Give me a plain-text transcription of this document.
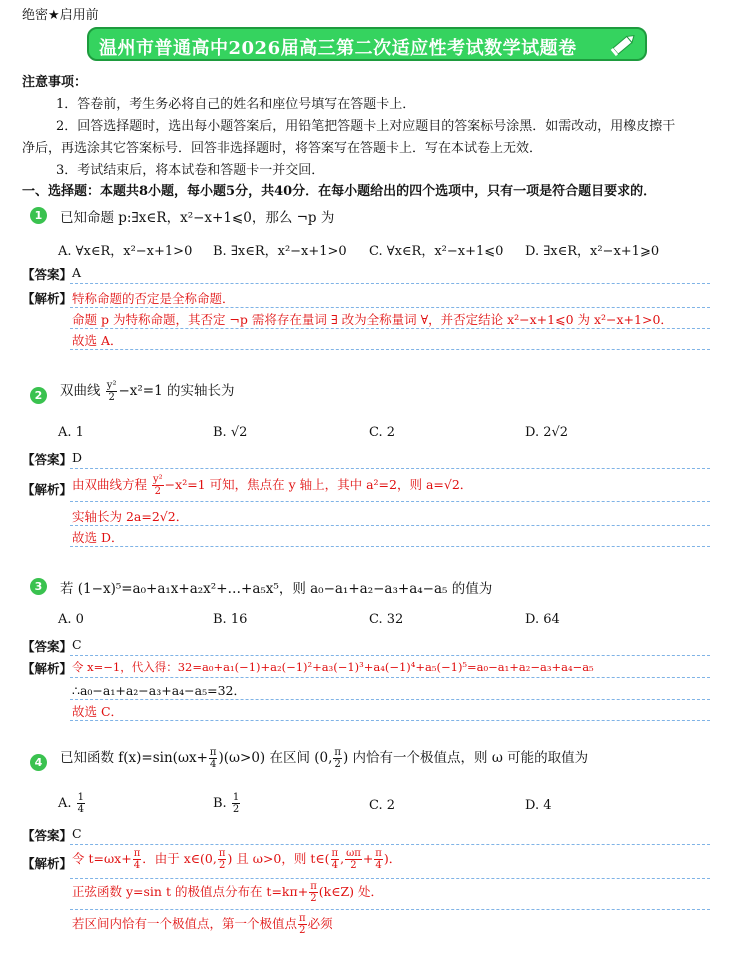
绝密★启用前
温州市普通高中2026届高三第二次适应性考试数学试题卷
注意事项：
1．答卷前，考生务必将自己的姓名和座位号填写在答题卡上．
2．回答选择题时，选出每小题答案后，用铅笔把答题卡上对应题目的答案标号涂黑．如需改动，用橡皮擦干
净后，再选涂其它答案标号．回答非选择题时，将答案写在答题卡上．写在本试卷上无效．
3．考试结束后，将本试卷和答题卡一并交回．
一、选择题：本题共8小题，每小题5分，共40分．在每小题给出的四个选项中，只有一项是符合题目要求的．
1	已知命题 p:∃x∈R，x²−x+1⩽0，那么 ¬p 为
A. ∀x∈R，x²−x+1>0 B. ∃x∈R，x²−x+1>0 C. ∀x∈R，x²−x+1⩽0 D. ∃x∈R，x²−x+1⩾0
【答案】 A
【解析】 特称命题的否定是全称命题．
命题 p 为特称命题，其否定 ¬p 需将存在量词 ∃ 改为全称量词 ∀，并否定结论 x²−x+1⩽0 为 x²−x+1>0．
故选 A．
2	双曲线 $\frac{\text{y²}}{2} -x^2=1$ 的实轴长为
A. 1	B. √2	C. 2	D. 2√2
【答案】 D
【解析】 由双曲线方程 $\frac{\text{y²}}{2} -x^2=1$ 可知，焦点在 y 轴上，其中 a²=2，则 a=√2．
实轴长为 2a=2√2．
故选 D．
3	若 (1−x)⁵=a₀+a₁x+a₂x²+…+a₅x⁵，则 a₀−a₁+a₂−a₃+a₄−a₅ 的值为
A. 0	B. 16	C. 32	D. 64
【答案】 C
【解析】 令 x=−1，代入得：32=a₀+a₁(−1)+a₂(−1)²+a₃(−1)³+a₄(−1)⁴+a₅(−1)⁵=a₀−a₁+a₂−a₃+a₄−a₅
∴a₀−a₁+a₂−a₃+a₄−a₅=32．
故选 C．
4	已知函数 $f(x)=\sin(\omega x+ \frac{\pi}{4} )(\omega>0)$ 在区间 (0, $\frac{\pi}{2}$ ) 内恰有一个极值点，则 ω 可能的取值为
A. $\frac{1}{4}$	B. $\frac{1}{2}$	C. 2	D. 4
【答案】 C
【解析】 令 $t=\omega x+ \frac{\pi}{4}$ ．由于 x∈(0, $\frac{\pi}{2}$ ) 且 ω>0，则 t∈( $\frac{\pi}{4}$ , $\frac{\omega\pi}{2} + \frac{\pi}{4}$ )．
正弦函数 y=sin t 的极值点分布在 $t=k\pi+ \frac{\pi}{2}$ (k∈Z) 处．
若区间内恰有一个极值点，第一个极值点 $\frac{\pi}{2}$ 必须
